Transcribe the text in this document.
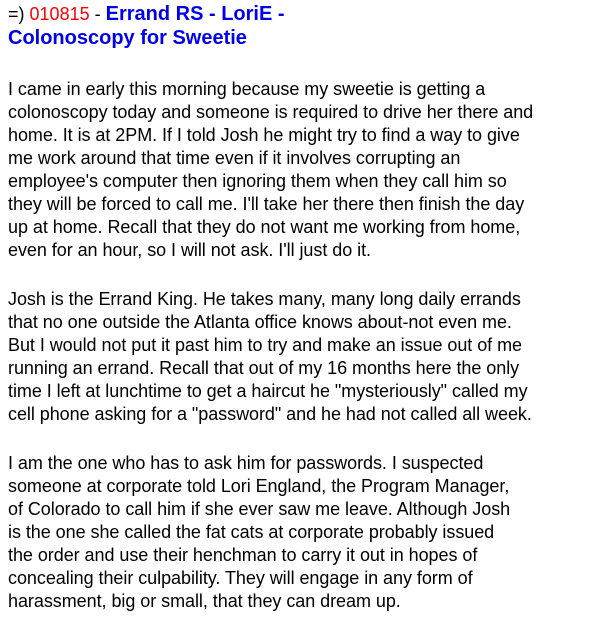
=) 010815 - Errand RS - LoriE -
Colonoscopy for Sweetie

I came in early this morning because my sweetie is getting a
colonoscopy today and someone is required to drive her there and
home. It is at 2PM. If I told Josh he might try to find a way to give
me work around that time even if it involves corrupting an
employee's computer then ignoring them when they call him so
they will be forced to call me. I'll take her there then finish the day
up at home. Recall that they do not want me working from home,
even for an hour, so I will not ask. I'll just do it.

Josh is the Errand King. He takes many, many long daily errands
that no one outside the Atlanta office knows about-not even me.
But I would not put it past him to try and make an issue out of me
running an errand. Recall that out of my 16 months here the only
time I left at lunchtime to get a haircut he "mysteriously" called my
cell phone asking for a "password" and he had not called all week.

I am the one who has to ask him for passwords. I suspected
someone at corporate told Lori England, the Program Manager,
of Colorado to call him if she ever saw me leave. Although Josh
is the one she called the fat cats at corporate probably issued
the order and use their henchman to carry it out in hopes of
concealing their culpability. They will engage in any form of
harassment, big or small, that they can dream up.
